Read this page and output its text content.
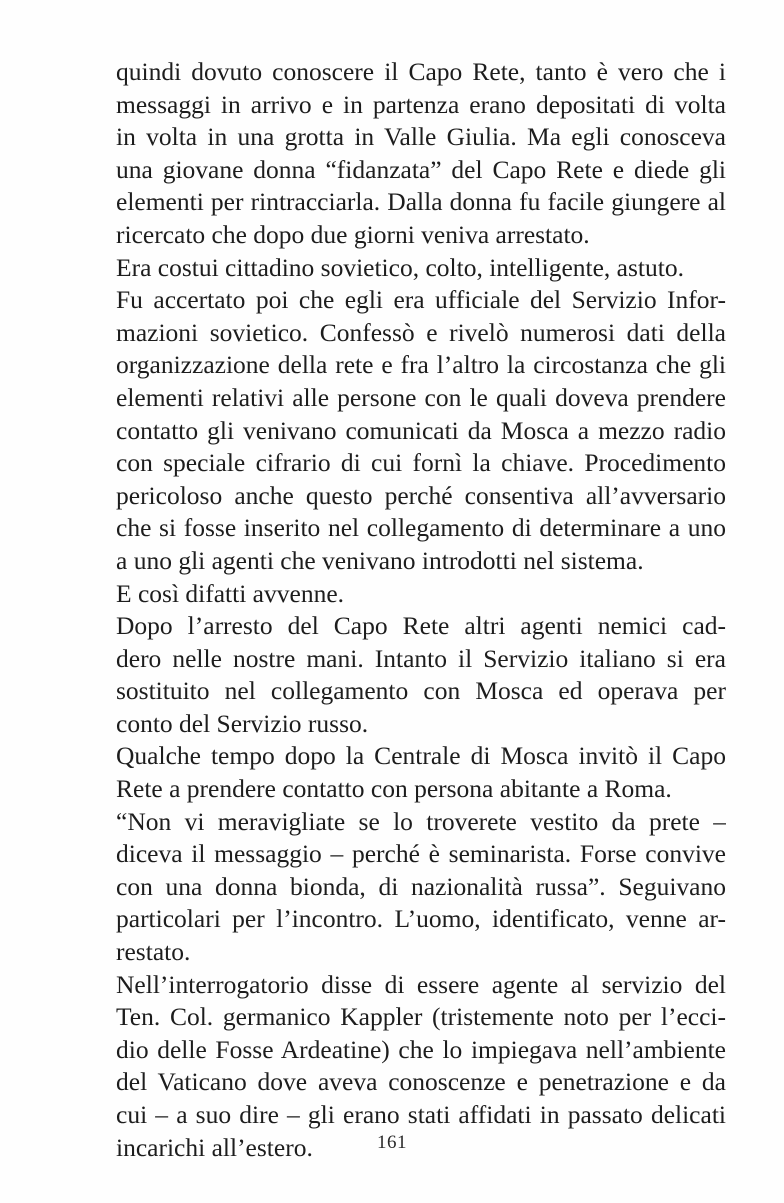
quindi dovuto conoscere il Capo Rete, tanto è vero che i
messaggi in arrivo e in partenza erano depositati di volta
in volta in una grotta in Valle Giulia. Ma egli conosceva
una giovane donna “fidanzata” del Capo Rete e diede gli
elementi per rintracciarla. Dalla donna fu facile giungere al
ricercato che dopo due giorni veniva arrestato.

Era costui cittadino sovietico, colto, intelligente, astuto.

Fu accertato poi che egli era ufficiale del Servizio Infor-
mazioni sovietico. Confessò e rivelò numerosi dati della
organizzazione della rete e fra l’altro la circostanza che gli
elementi relativi alle persone con le quali doveva prendere
contatto gli venivano comunicati da Mosca a mezzo radio
con speciale cifrario di cui fornì la chiave. Procedimento
pericoloso anche questo perché consentiva all’avversario
che si fosse inserito nel collegamento di determinare a uno
a uno gli agenti che venivano introdotti nel sistema.

E così difatti avvenne.

Dopo l’arresto del Capo Rete altri agenti nemici cad-
dero nelle nostre mani. Intanto il Servizio italiano si era
sostituito nel collegamento con Mosca ed operava per
conto del Servizio russo.

Qualche tempo dopo la Centrale di Mosca invitò il Capo
Rete a prendere contatto con persona abitante a Roma.

“Non vi meravigliate se lo troverete vestito da prete –
diceva il messaggio – perché è seminarista. Forse convive
con una donna bionda, di nazionalità russa”. Seguivano
particolari per l’incontro. L’uomo, identificato, venne ar-
restato.

Nell’interrogatorio disse di essere agente al servizio del
Ten. Col. germanico Kappler (tristemente noto per l’ecci-
dio delle Fosse Ardeatine) che lo impiegava nell’ambiente
del Vaticano dove aveva conoscenze e penetrazione e da
cui – a suo dire – gli erano stati affidati in passato delicati
incarichi all’estero.	161
